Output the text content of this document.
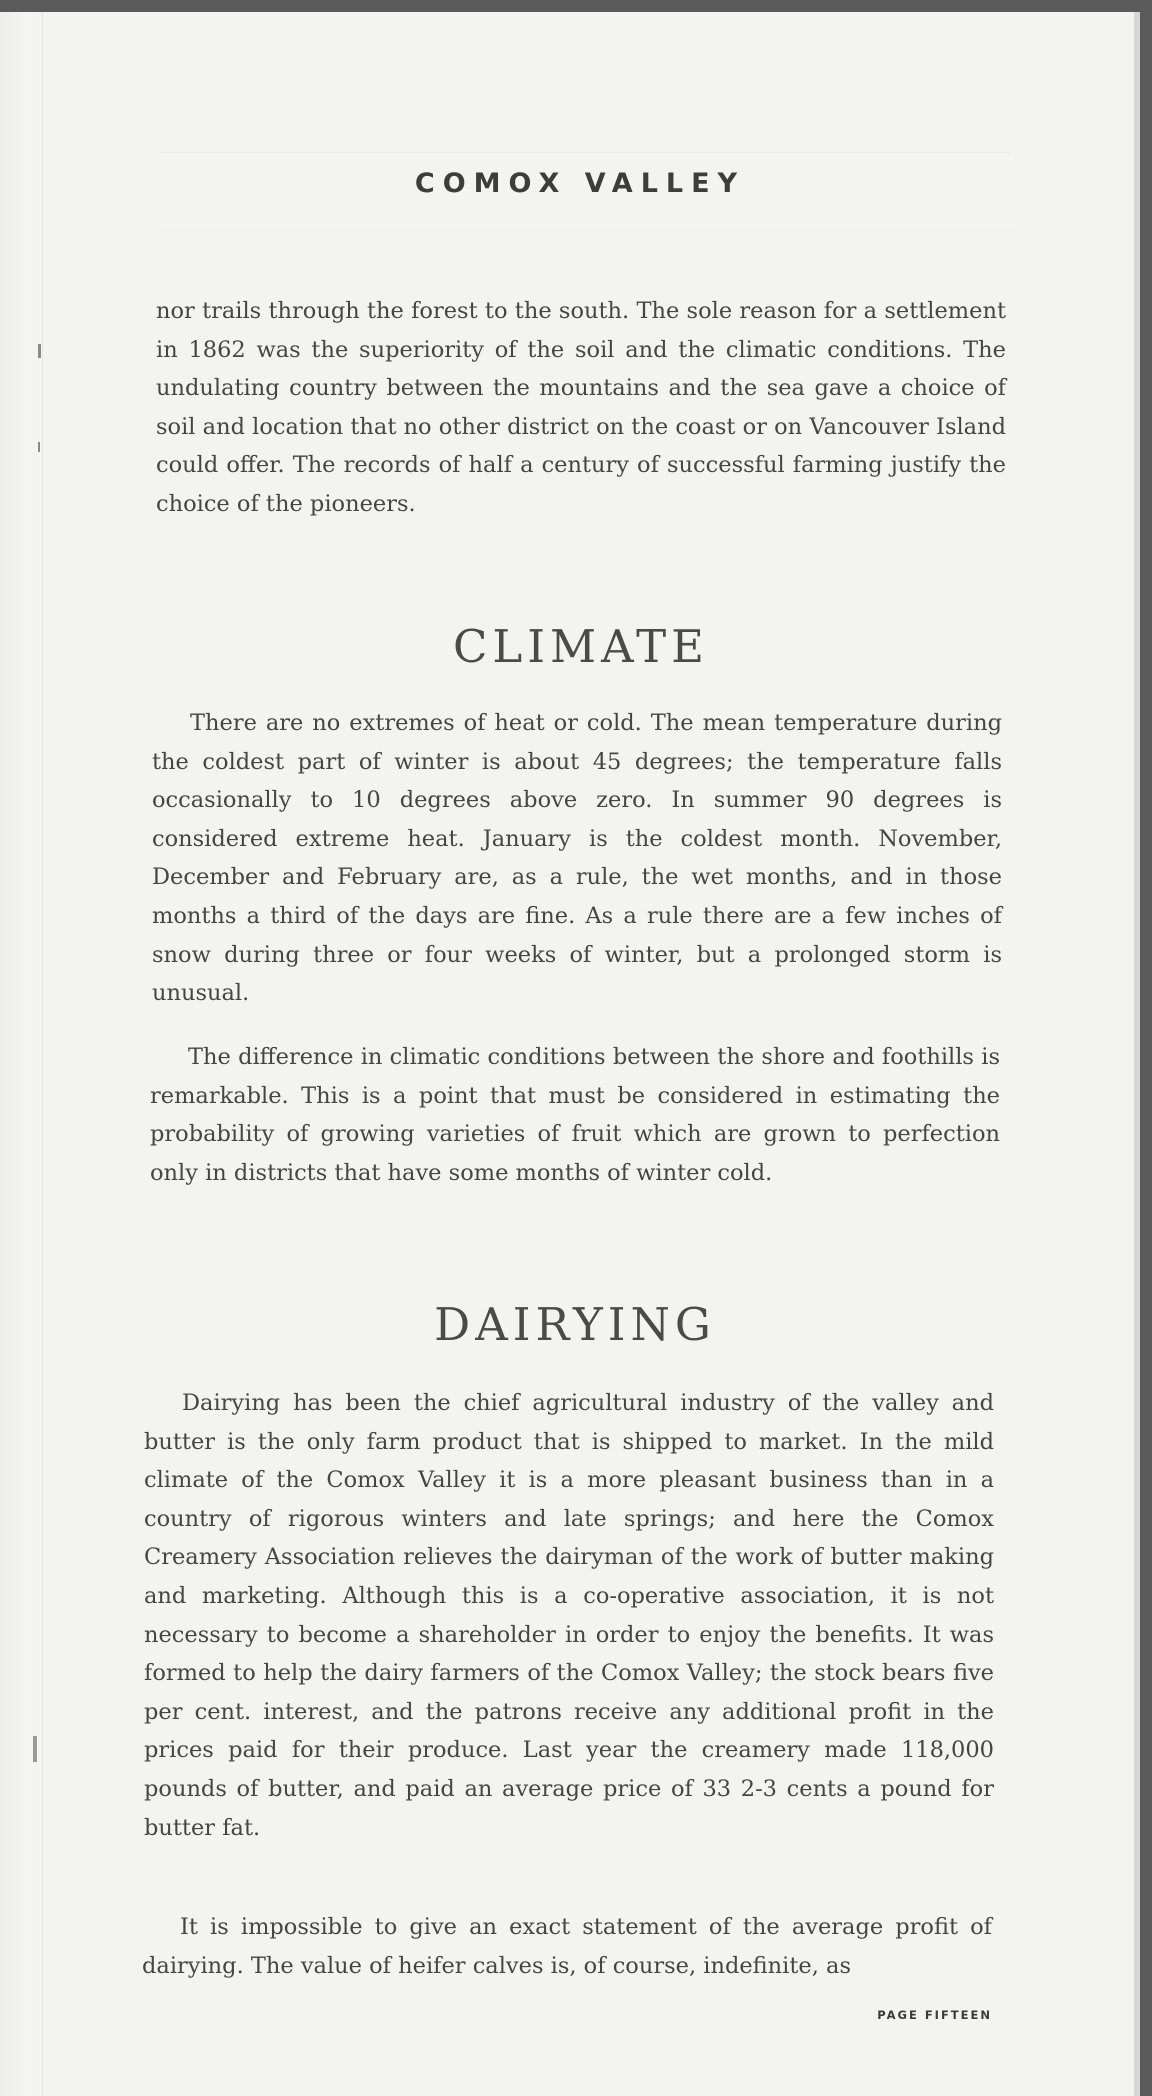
COMOX VALLEY

nor trails through the forest to the south. The sole reason for a settlement in 1862 was the superiority of the soil and the climatic conditions. The undulating country between the mountains and the sea gave a choice of soil and location that no other district on the coast or on Vancouver Island could offer. The records of half a century of successful farming justify the choice of the pioneers.

CLIMATE

There are no extremes of heat or cold. The mean temperature during the coldest part of winter is about 45 degrees; the temperature falls occasionally to 10 degrees above zero. In summer 90 degrees is considered extreme heat. January is the coldest month. November, December and February are, as a rule, the wet months, and in those months a third of the days are fine. As a rule there are a few inches of snow during three or four weeks of winter, but a prolonged storm is unusual.

The difference in climatic conditions between the shore and foothills is remarkable. This is a point that must be considered in estimating the probability of growing varieties of fruit which are grown to perfection only in districts that have some months of winter cold.

DAIRYING

Dairying has been the chief agricultural industry of the valley and butter is the only farm product that is shipped to market. In the mild climate of the Comox Valley it is a more pleasant business than in a country of rigorous winters and late springs; and here the Comox Creamery Association relieves the dairyman of the work of butter making and marketing. Although this is a co-operative association, it is not necessary to become a shareholder in order to enjoy the benefits. It was formed to help the dairy farmers of the Comox Valley; the stock bears five per cent. interest, and the patrons receive any additional profit in the prices paid for their produce. Last year the creamery made 118,000 pounds of butter, and paid an average price of 33 2-3 cents a pound for butter fat.

It is impossible to give an exact statement of the average profit of dairying. The value of heifer calves is, of course, indefinite, as

PAGE FIFTEEN
